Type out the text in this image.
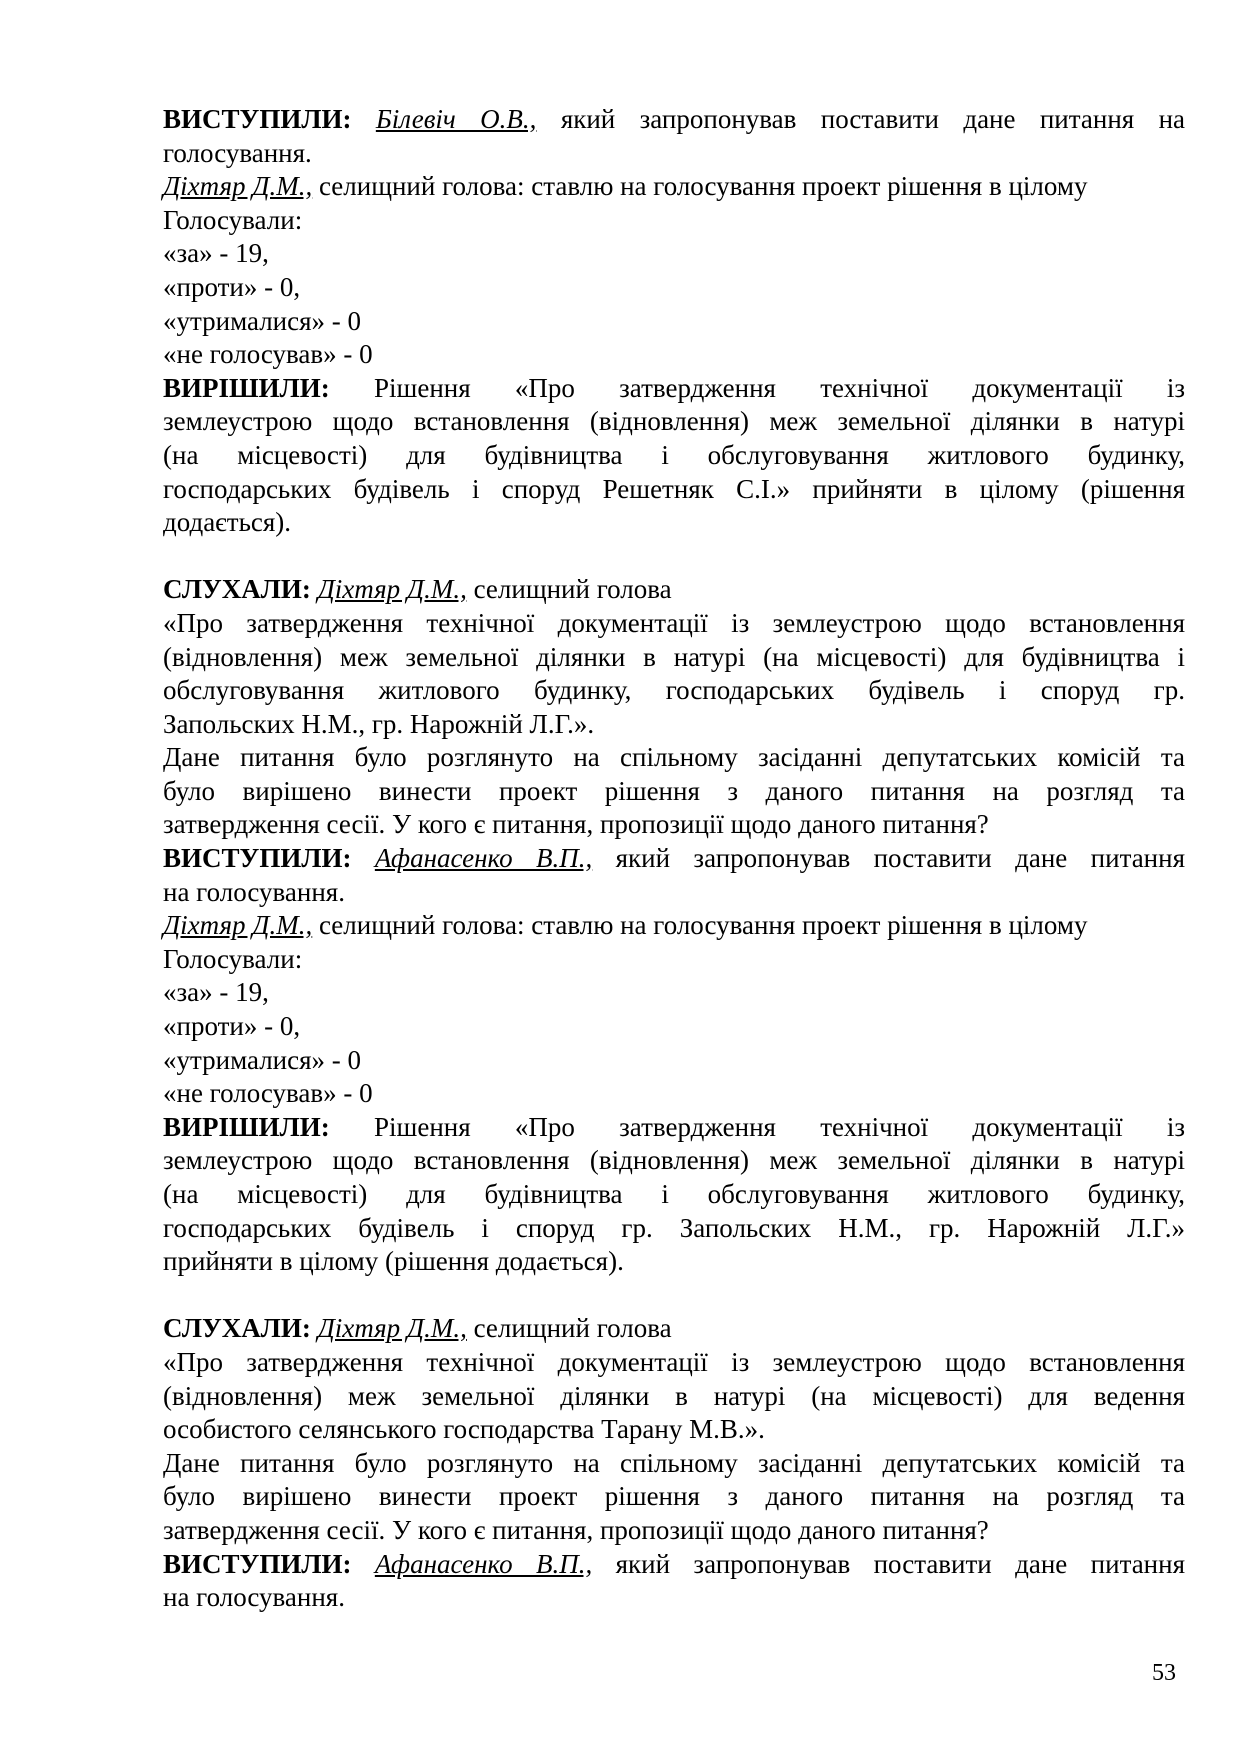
ВИСТУПИЛИ: Білевіч О.В., який запропонував поставити дане питання на
голосування.
Діхтяр Д.М., селищний голова: ставлю на голосування проект рішення в цілому
Голосували:
«за» - 19,
«проти» - 0,
«утрималися» - 0
«не голосував» - 0
ВИРІШИЛИ: Рішення «Про затвердження технічної документації із
землеустрою щодо встановлення (відновлення) меж земельної ділянки в натурі
(на місцевості) для будівництва і обслуговування житлового будинку,
господарських будівель і споруд Решетняк С.І.» прийняти в цілому (рішення
додається).
СЛУХАЛИ: Діхтяр Д.М., селищний голова
«Про затвердження технічної документації із землеустрою щодо встановлення
(відновлення) меж земельної ділянки в натурі (на місцевості) для будівництва і
обслуговування житлового будинку, господарських будівель і споруд гр.
Запольских Н.М., гр. Нарожній Л.Г.».
Дане питання було розглянуто на спільному засіданні депутатських комісій та
було вирішено винести проект рішення з даного питання на розгляд та
затвердження сесії. У кого є питання, пропозиції щодо даного питання?
ВИСТУПИЛИ: Афанасенко В.П., який запропонував поставити дане питання
на голосування.
Діхтяр Д.М., селищний голова: ставлю на голосування проект рішення в цілому
Голосували:
«за» - 19,
«проти» - 0,
«утрималися» - 0
«не голосував» - 0
ВИРІШИЛИ: Рішення «Про затвердження технічної документації із
землеустрою щодо встановлення (відновлення) меж земельної ділянки в натурі
(на місцевості) для будівництва і обслуговування житлового будинку,
господарських будівель і споруд гр. Запольских Н.М., гр. Нарожній Л.Г.»
прийняти в цілому (рішення додається).
СЛУХАЛИ: Діхтяр Д.М., селищний голова
«Про затвердження технічної документації із землеустрою щодо встановлення
(відновлення) меж земельної ділянки в натурі (на місцевості) для ведення
особистого селянського господарства Тарану М.В.».
Дане питання було розглянуто на спільному засіданні депутатських комісій та
було вирішено винести проект рішення з даного питання на розгляд та
затвердження сесії. У кого є питання, пропозиції щодо даного питання?
ВИСТУПИЛИ: Афанасенко В.П., який запропонував поставити дане питання
на голосування.
53
